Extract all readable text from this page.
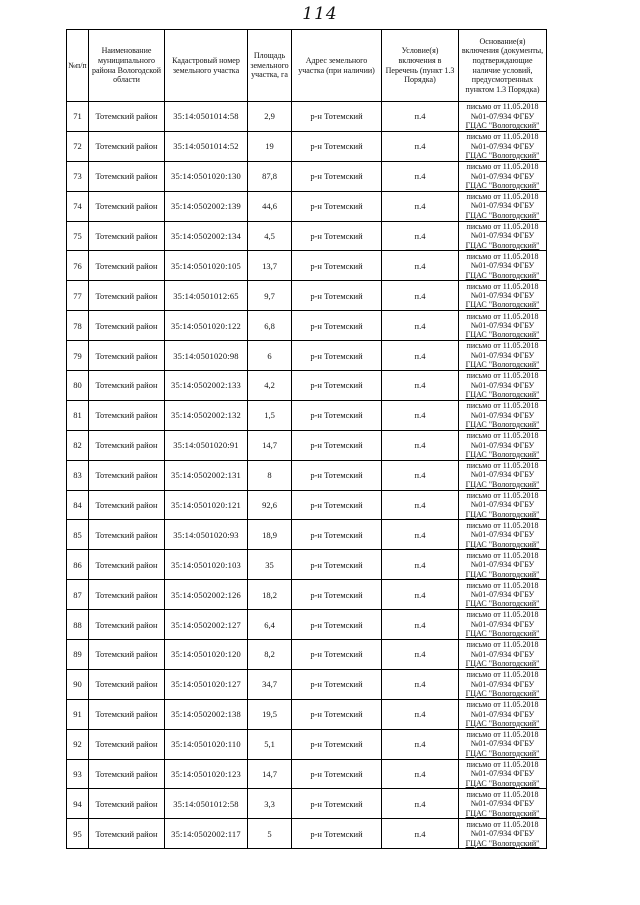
114
№п/п	Наименование муниципального района Вологодской области	Кадастровый номер земельного участка	Площадь земельного участка, га	Адрес земельного участка (при наличии)	Условие(я) включения в Перечень (пункт 1.3 Порядка)	Основание(я) включения (документы, подтверждающие наличие условий, предусмотренных пунктом 1.3 Порядка)
71	Тотемский район	35:14:0501014:58	2,9	р-н Тотемский	п.4	письмо от 11.05.2018
№01-07/934 ФГБУ
ГЦАС "Вологодский"

72	Тотемский район	35:14:0501014:52	19	р-н Тотемский	п.4	письмо от 11.05.2018
№01-07/934 ФГБУ
ГЦАС "Вологодский"

73	Тотемский район	35:14:0501020:130	87,8	р-н Тотемский	п.4	письмо от 11.05.2018
№01-07/934 ФГБУ
ГЦАС "Вологодский"

74	Тотемский район	35:14:0502002:139	44,6	р-н Тотемский	п.4	письмо от 11.05.2018
№01-07/934 ФГБУ
ГЦАС "Вологодский"

75	Тотемский район	35:14:0502002:134	4,5	р-н Тотемский	п.4	письмо от 11.05.2018
№01-07/934 ФГБУ
ГЦАС "Вологодский"

76	Тотемский район	35:14:0501020:105	13,7	р-н Тотемский	п.4	письмо от 11.05.2018
№01-07/934 ФГБУ
ГЦАС "Вологодский"

77	Тотемский район	35:14:0501012:65	9,7	р-н Тотемский	п.4	письмо от 11.05.2018
№01-07/934 ФГБУ
ГЦАС "Вологодский"

78	Тотемский район	35:14:0501020:122	6,8	р-н Тотемский	п.4	письмо от 11.05.2018
№01-07/934 ФГБУ
ГЦАС "Вологодский"

79	Тотемский район	35:14:0501020:98	6	р-н Тотемский	п.4	письмо от 11.05.2018
№01-07/934 ФГБУ
ГЦАС "Вологодский"

80	Тотемский район	35:14:0502002:133	4,2	р-н Тотемский	п.4	письмо от 11.05.2018
№01-07/934 ФГБУ
ГЦАС "Вологодский"

81	Тотемский район	35:14:0502002:132	1,5	р-н Тотемский	п.4	письмо от 11.05.2018
№01-07/934 ФГБУ
ГЦАС "Вологодский"

82	Тотемский район	35:14:0501020:91	14,7	р-н Тотемский	п.4	письмо от 11.05.2018
№01-07/934 ФГБУ
ГЦАС "Вологодский"

83	Тотемский район	35:14:0502002:131	8	р-н Тотемский	п.4	письмо от 11.05.2018
№01-07/934 ФГБУ
ГЦАС "Вологодский"

84	Тотемский район	35:14:0501020:121	92,6	р-н Тотемский	п.4	письмо от 11.05.2018
№01-07/934 ФГБУ
ГЦАС "Вологодский"

85	Тотемский район	35:14:0501020:93	18,9	р-н Тотемский	п.4	письмо от 11.05.2018
№01-07/934 ФГБУ
ГЦАС "Вологодский"

86	Тотемский район	35:14:0501020:103	35	р-н Тотемский	п.4	письмо от 11.05.2018
№01-07/934 ФГБУ
ГЦАС "Вологодский"

87	Тотемский район	35:14:0502002:126	18,2	р-н Тотемский	п.4	письмо от 11.05.2018
№01-07/934 ФГБУ
ГЦАС "Вологодский"

88	Тотемский район	35:14:0502002:127	6,4	р-н Тотемский	п.4	письмо от 11.05.2018
№01-07/934 ФГБУ
ГЦАС "Вологодский"

89	Тотемский район	35:14:0501020:120	8,2	р-н Тотемский	п.4	письмо от 11.05.2018
№01-07/934 ФГБУ
ГЦАС "Вологодский"

90	Тотемский район	35:14:0501020:127	34,7	р-н Тотемский	п.4	письмо от 11.05.2018
№01-07/934 ФГБУ
ГЦАС "Вологодский"

91	Тотемский район	35:14:0502002:138	19,5	р-н Тотемский	п.4	письмо от 11.05.2018
№01-07/934 ФГБУ
ГЦАС "Вологодский"

92	Тотемский район	35:14:0501020:110	5,1	р-н Тотемский	п.4	письмо от 11.05.2018
№01-07/934 ФГБУ
ГЦАС "Вологодский"

93	Тотемский район	35:14:0501020:123	14,7	р-н Тотемский	п.4	письмо от 11.05.2018
№01-07/934 ФГБУ
ГЦАС "Вологодский"

94	Тотемский район	35:14:0501012:58	3,3	р-н Тотемский	п.4	письмо от 11.05.2018
№01-07/934 ФГБУ
ГЦАС "Вологодский"

95	Тотемский район	35:14:0502002:117	5	р-н Тотемский	п.4	письмо от 11.05.2018
№01-07/934 ФГБУ
ГЦАС "Вологодский"
